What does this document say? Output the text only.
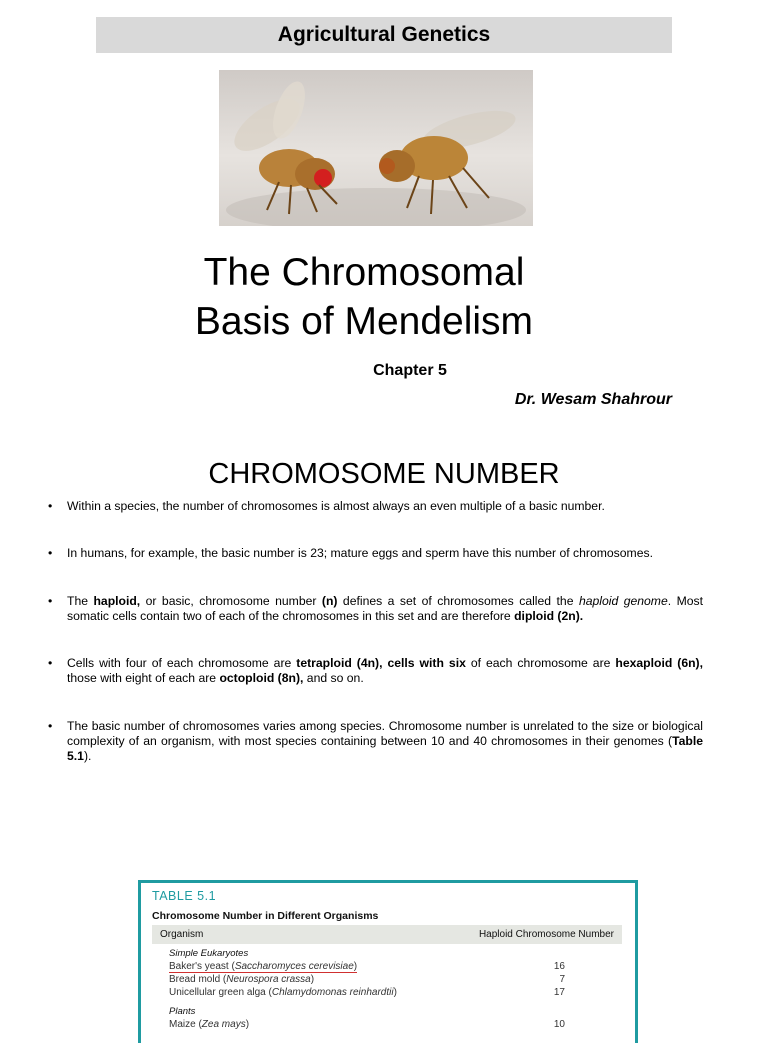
Agricultural Genetics
The Chromosomal
Basis of Mendelism
Chapter 5
Dr. Wesam Shahrour
CHROMOSOME NUMBER
•	Within a species, the number of chromosomes is almost always an even multiple of a basic number.
•	In humans, for example, the basic number is 23; mature eggs and sperm have this number of chromosomes.
•	The haploid, or basic, chromosome number (n) defines a set of chromosomes called the haploid genome. Most somatic cells contain two of each of the chromosomes in this set and are therefore diploid (2n).
•	Cells with four of each chromosome are tetraploid (4n), cells with six of each chromosome are hexaploid (6n), those with eight of each are octoploid (8n), and so on.
•	The basic number of chromosomes varies among species. Chromosome number is unrelated to the size or biological complexity of an organism, with most species containing between 10 and 40 chromosomes in their genomes (Table 5.1).
TABLE 5.1
Chromosome Number in Different Organisms
Organism	Haploid Chromosome Number
Simple Eukaryotes
Baker's yeast (Saccharomyces cerevisiae)	16
Bread mold (Neurospora crassa)	7
Unicellular green alga (Chlamydomonas reinhardtii)	17
Plants
Maize (Zea mays)	10
